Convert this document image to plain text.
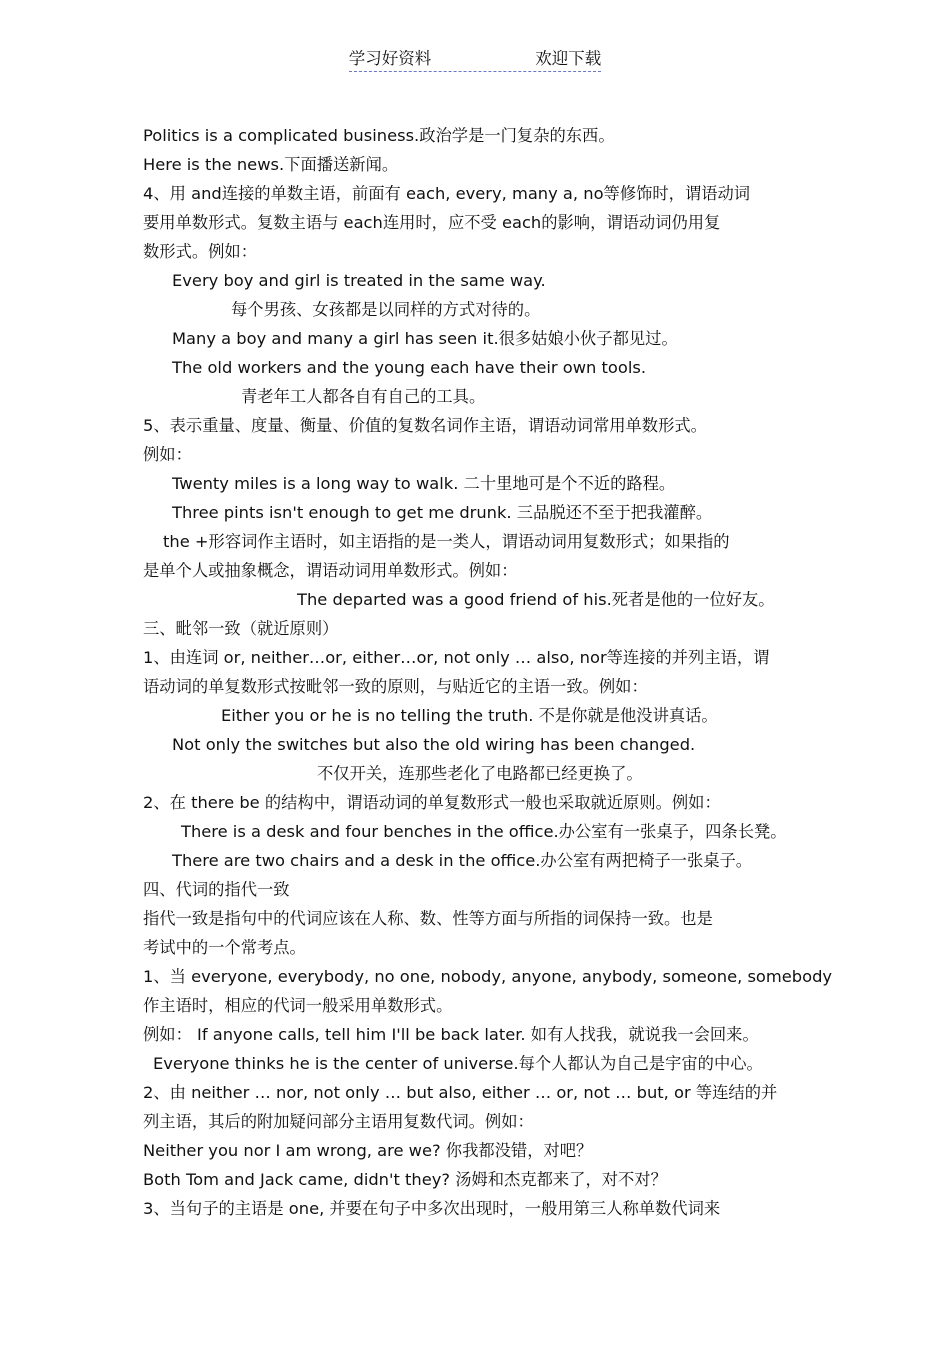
学习好资料	欢迎下载
Politics is a complicated business.政治学是一门复杂的东西。
Here is the news.下面播送新闻。
4、用 and连接的单数主语，前面有 each, every, many a, no等修饰时，谓语动词
要用单数形式。复数主语与 each连用时，应不受 each的影响，谓语动词仍用复
数形式。例如：
Every boy and girl is treated in the same way.
每个男孩、女孩都是以同样的方式对待的。
Many a boy and many a girl has seen it.很多姑娘小伙子都见过。
The old workers and the young each have their own tools.
青老年工人都各自有自己的工具。
5、表示重量、度量、衡量、价值的复数名词作主语，谓语动词常用单数形式。
例如：
Twenty miles is a long way to walk. 二十里地可是个不近的路程。
Three pints isn't enough to get me drunk. 三品脱还不至于把我灌醉。
the +形容词作主语时，如主语指的是一类人，谓语动词用复数形式；如果指的
是单个人或抽象概念，谓语动词用单数形式。例如：
The departed was a good friend of his.死者是他的一位好友。
三、毗邻一致（就近原则）
1、由连词 or, neither…or, either…or, not only … also, nor等连接的并列主语，谓
语动词的单复数形式按毗邻一致的原则，与贴近它的主语一致。例如：
Either you or he is no telling the truth. 不是你就是他没讲真话。
Not only the switches but also the old wiring has been changed.
不仅开关，连那些老化了电路都已经更换了。
2、在 there be 的结构中，谓语动词的单复数形式一般也采取就近原则。例如：
There is a desk and four benches in the office.办公室有一张桌子，四条长凳。
There are two chairs and a desk in the office.办公室有两把椅子一张桌子。
四、代词的指代一致
指代一致是指句中的代词应该在人称、数、性等方面与所指的词保持一致。也是
考试中的一个常考点。
1、当 everyone, everybody, no one, nobody, anyone, anybody, someone, somebody
作主语时，相应的代词一般采用单数形式。
例如： If anyone calls, tell him I'll be back later. 如有人找我，就说我一会回来。
Everyone thinks he is the center of universe.每个人都认为自己是宇宙的中心。
2、由 neither … nor, not only … but also, either … or, not … but, or 等连结的并
列主语，其后的附加疑问部分主语用复数代词。例如：
Neither you nor I am wrong, are we? 你我都没错，对吧？
Both Tom and Jack came, didn't they? 汤姆和杰克都来了，对不对？
3、当句子的主语是 one, 并要在句子中多次出现时，一般用第三人称单数代词来
